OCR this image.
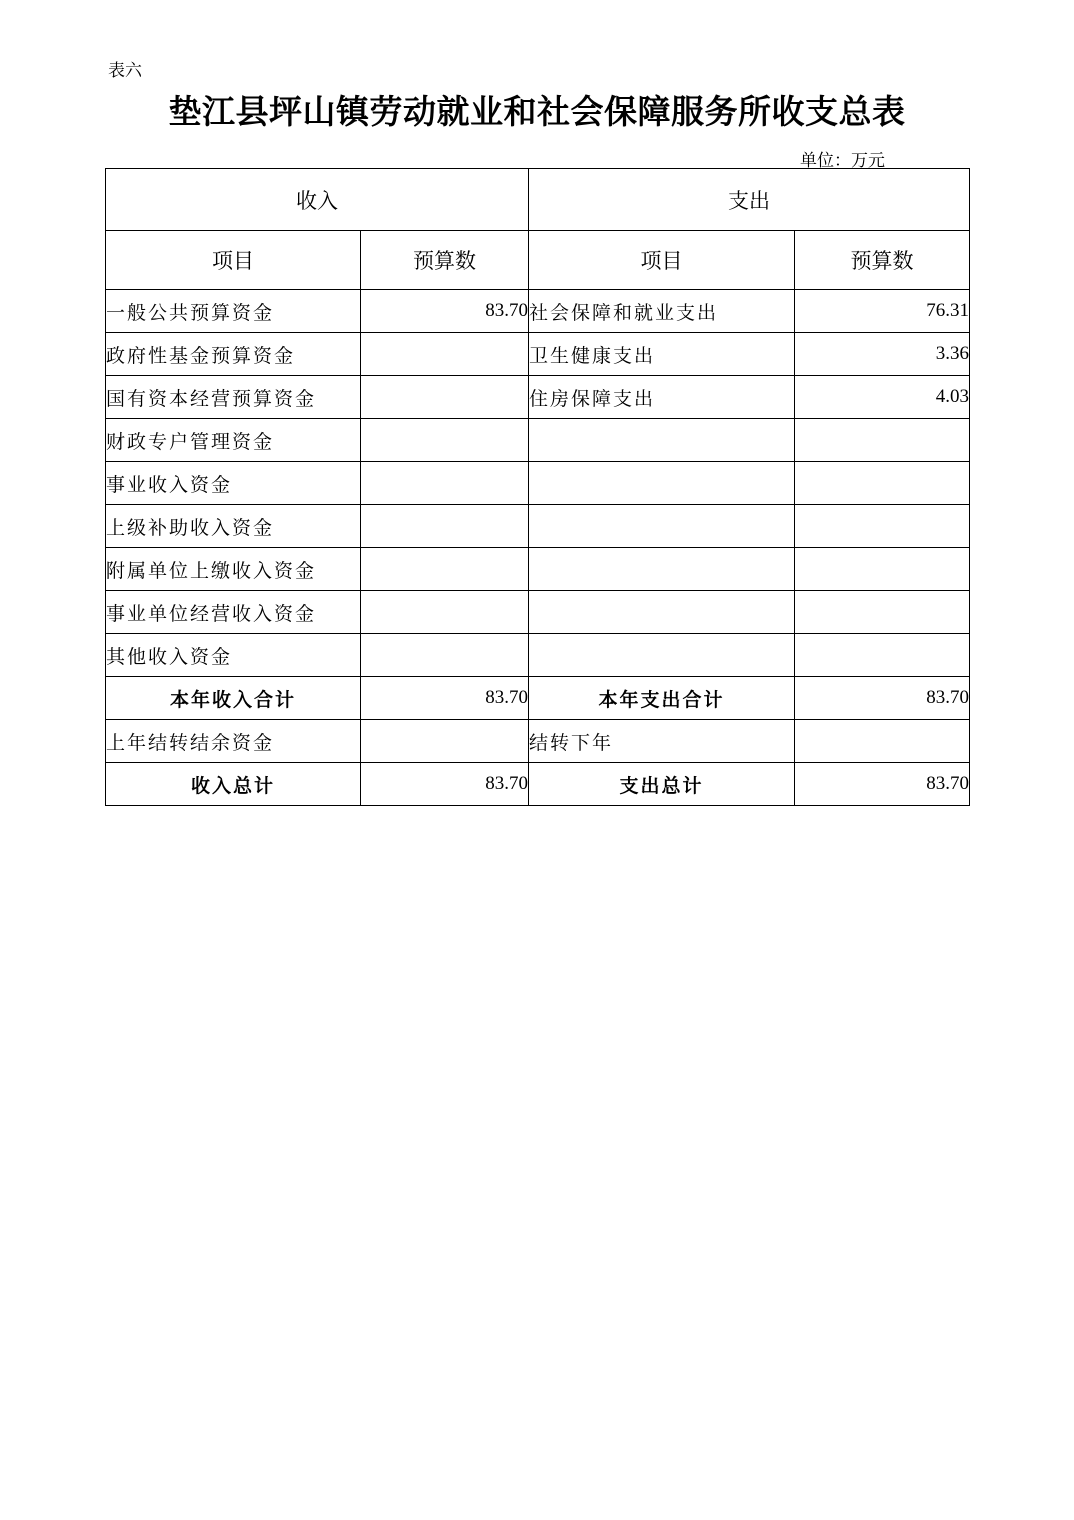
表六
垫江县坪山镇劳动就业和社会保障服务所收支总表
单位：万元
收入		支出	
项目	预算数	项目	预算数
一般公共预算资金	83.70	社会保障和就业支出	76.31
政府性基金预算资金		卫生健康支出	3.36
国有资本经营预算资金		住房保障支出	4.03
财政专户管理资金			
事业收入资金			
上级补助收入资金			
附属单位上缴收入资金			
事业单位经营收入资金			
其他收入资金			
本年收入合计	83.70	本年支出合计	83.70
上年结转结余资金		结转下年	
收入总计	83.70	支出总计	83.70
